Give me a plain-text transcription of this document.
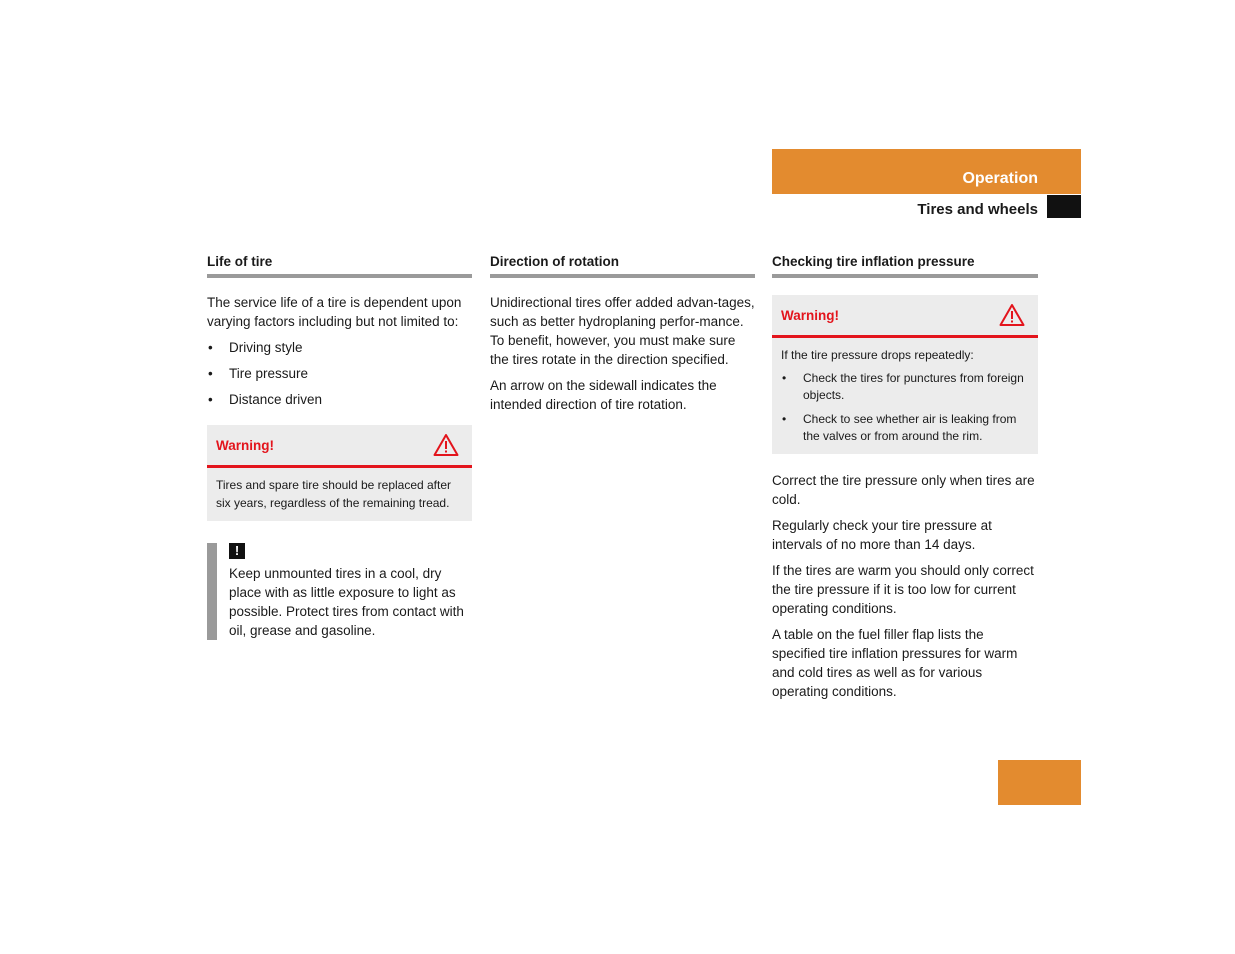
Operation
Tires and wheels
Life of tire

The service life of a tire is dependent upon varying factors including but not limited to:

• Driving style
• Tire pressure
• Distance driven
Warning!
Tires and spare tire should be replaced after six years, regardless of the remaining tread.
!
Keep unmounted tires in a cool, dry place with as little exposure to light as possible. Protect tires from contact with oil, grease and gasoline.
Direction of rotation

Unidirectional tires offer added advan-tages, such as better hydroplaning perfor-mance. To benefit, however, you must make sure the tires rotate in the direction specified.

An arrow on the sidewall indicates the intended direction of tire rotation.

Checking tire inflation pressure
Warning!
If the tire pressure drops repeatedly:
• Check the tires for punctures from foreign objects.
• Check to see whether air is leaking from the valves or from around the rim.

Correct the tire pressure only when tires are cold.

Regularly check your tire pressure at intervals of no more than 14 days.

If the tires are warm you should only correct the tire pressure if it is too low for current operating conditions.

A table on the fuel filler flap lists the specified tire inflation pressures for warm and cold tires as well as for various operating conditions.

287
